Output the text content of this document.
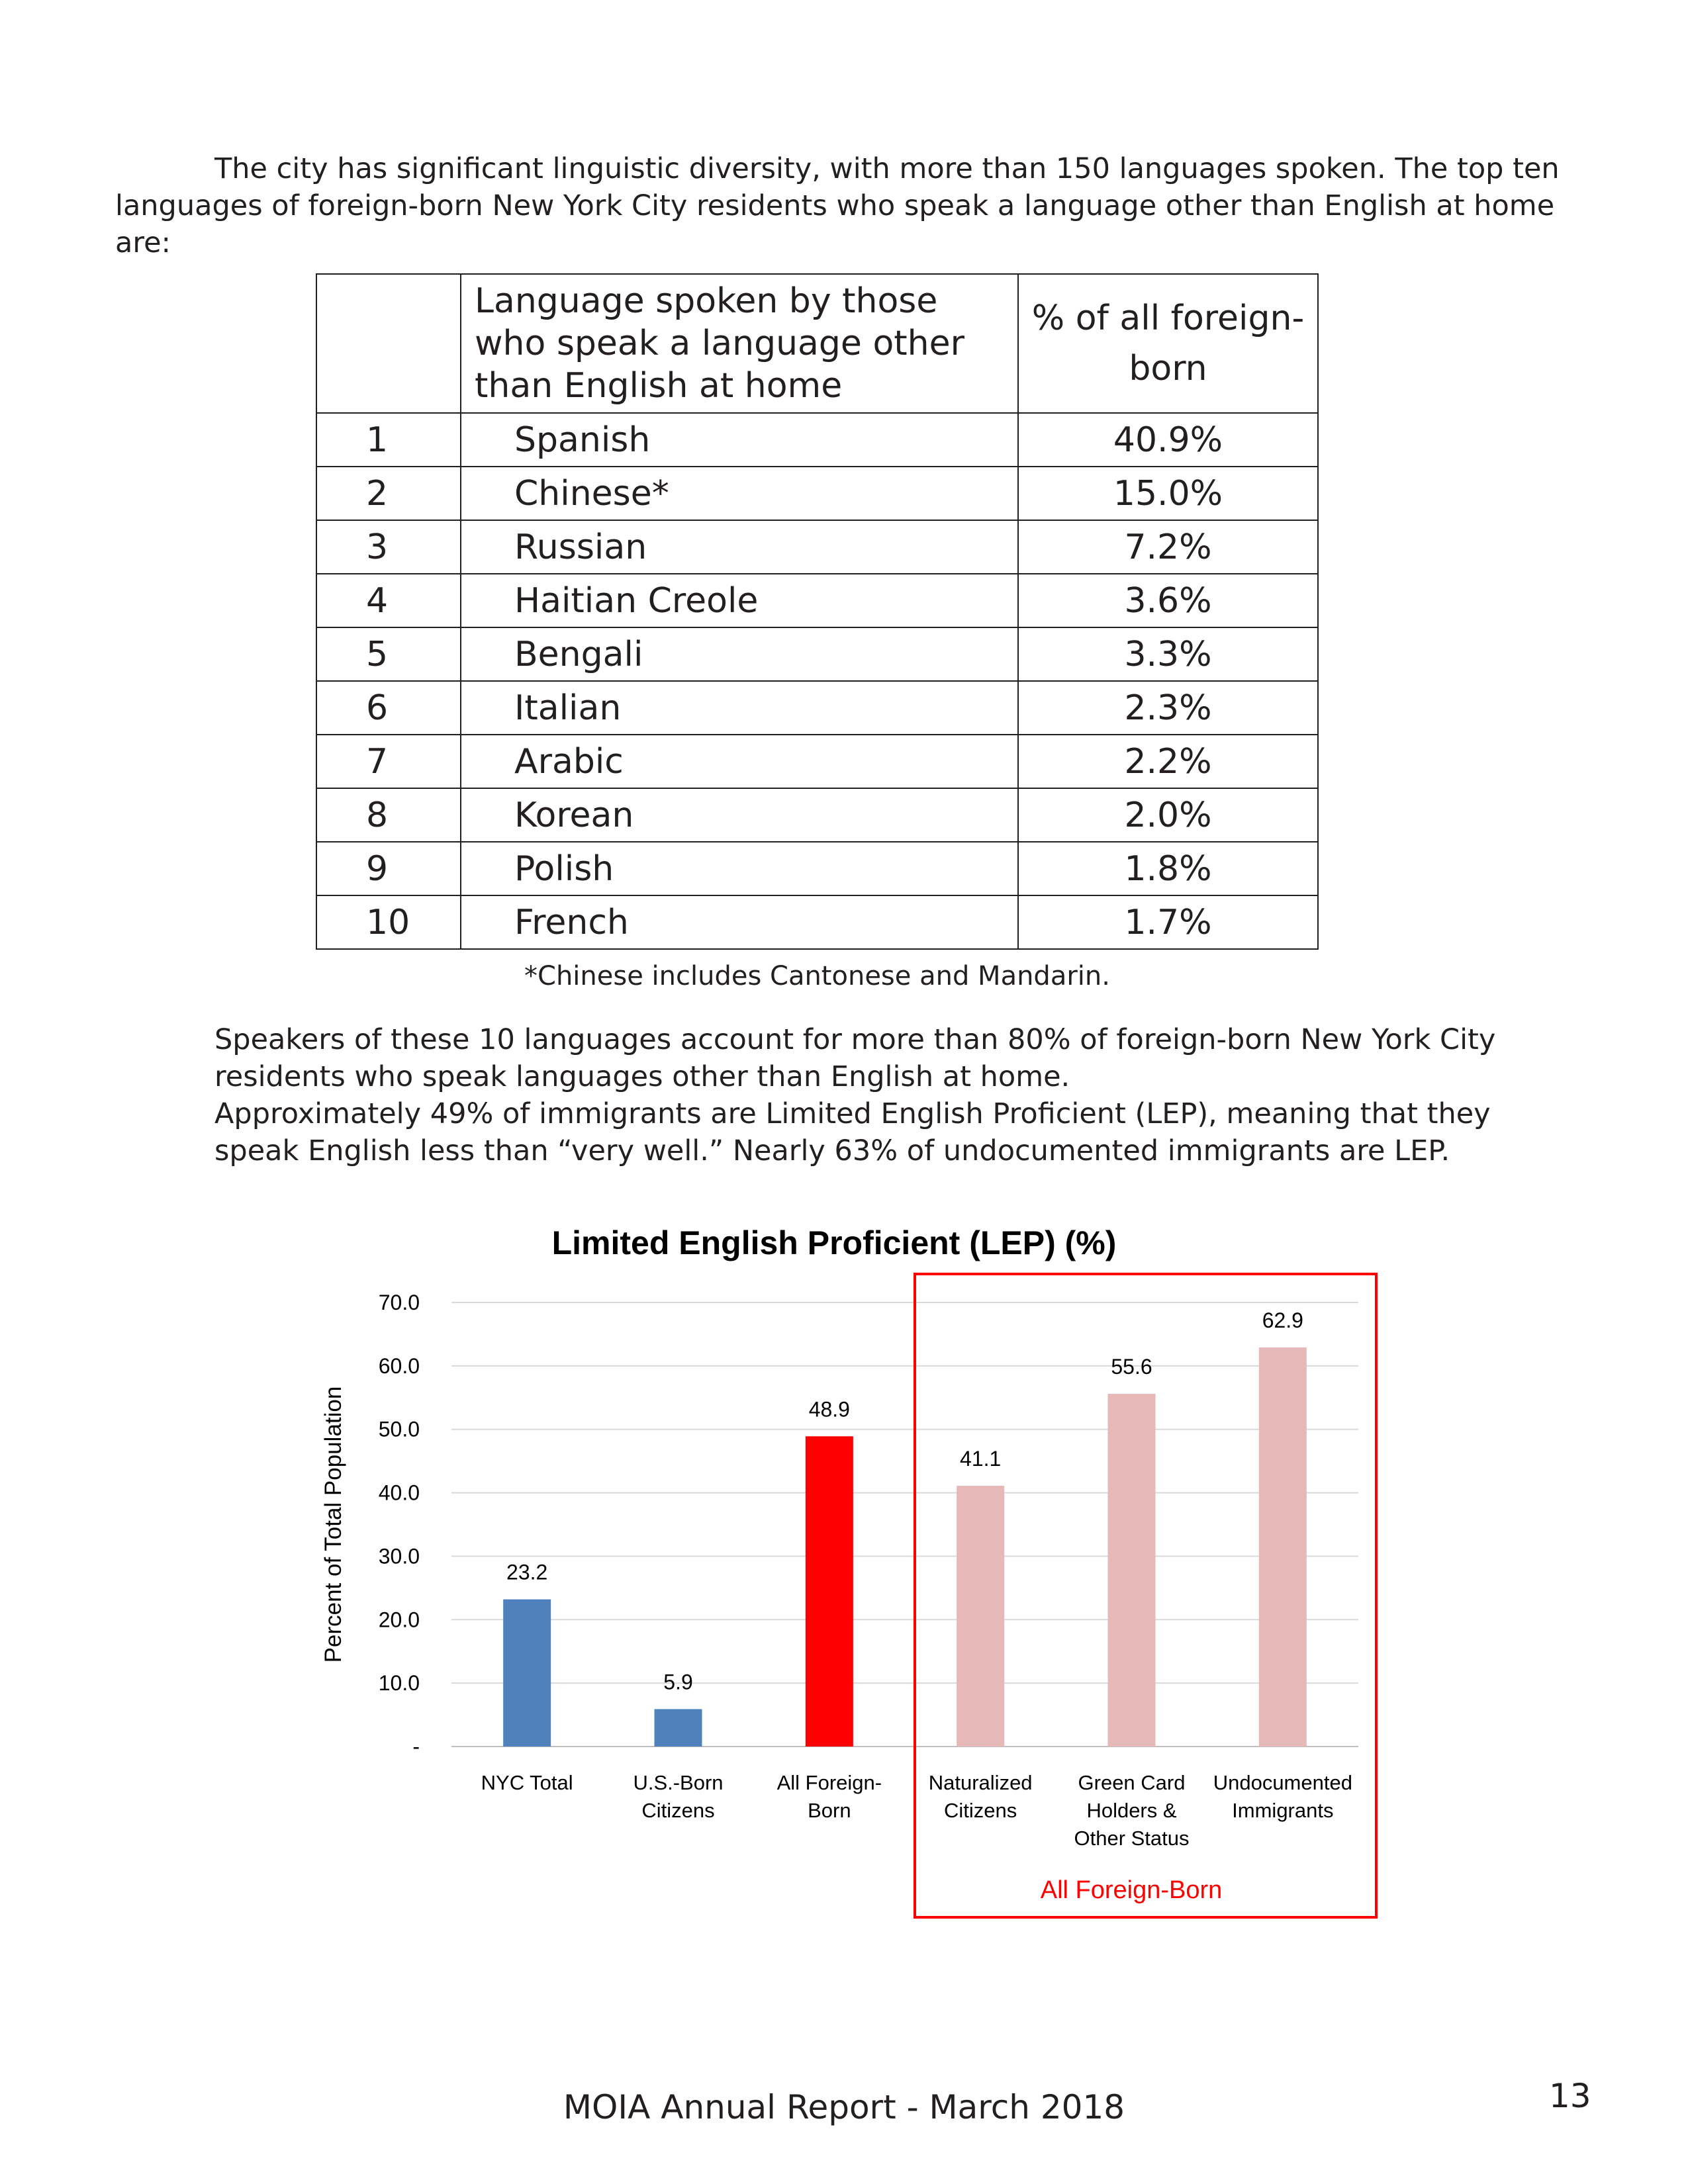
The city has significant linguistic diversity, with more than 150 languages spoken. The top ten languages of foreign-born New York City residents who speak a language other than English at home are:
	Language spoken by those who speak a language other than English at home	% of all foreign-born
1	Spanish	40.9%
2	Chinese*	15.0%
3	Russian	7.2%
4	Haitian Creole	3.6%
5	Bengali	3.3%
6	Italian	2.3%
7	Arabic	2.2%
8	Korean	2.0%
9	Polish	1.8%
10	French	1.7%

*Chinese includes Cantonese and Mandarin.

Speakers of these 10 languages account for more than 80% of foreign-born New York City residents who speak languages other than English at home.
Approximately 49% of immigrants are Limited English Proficient (LEP), meaning that they speak English less than “very well.” Nearly 63% of undocumented immigrants are LEP.
Limited English Proficient (LEP) (%)
-
10.0
20.0
30.0
40.0
50.0
60.0
70.0
Percent of Total Population	23.2
NYC Total
5.9
U.S.-Born
Citizens
48.9
All Foreign-
Born
41.1
Naturalized
Citizens
55.6
Green Card
Holders &
Other Status
62.9
Undocumented
Immigrants
All Foreign-Born

MOIA Annual Report - March 2018	13
